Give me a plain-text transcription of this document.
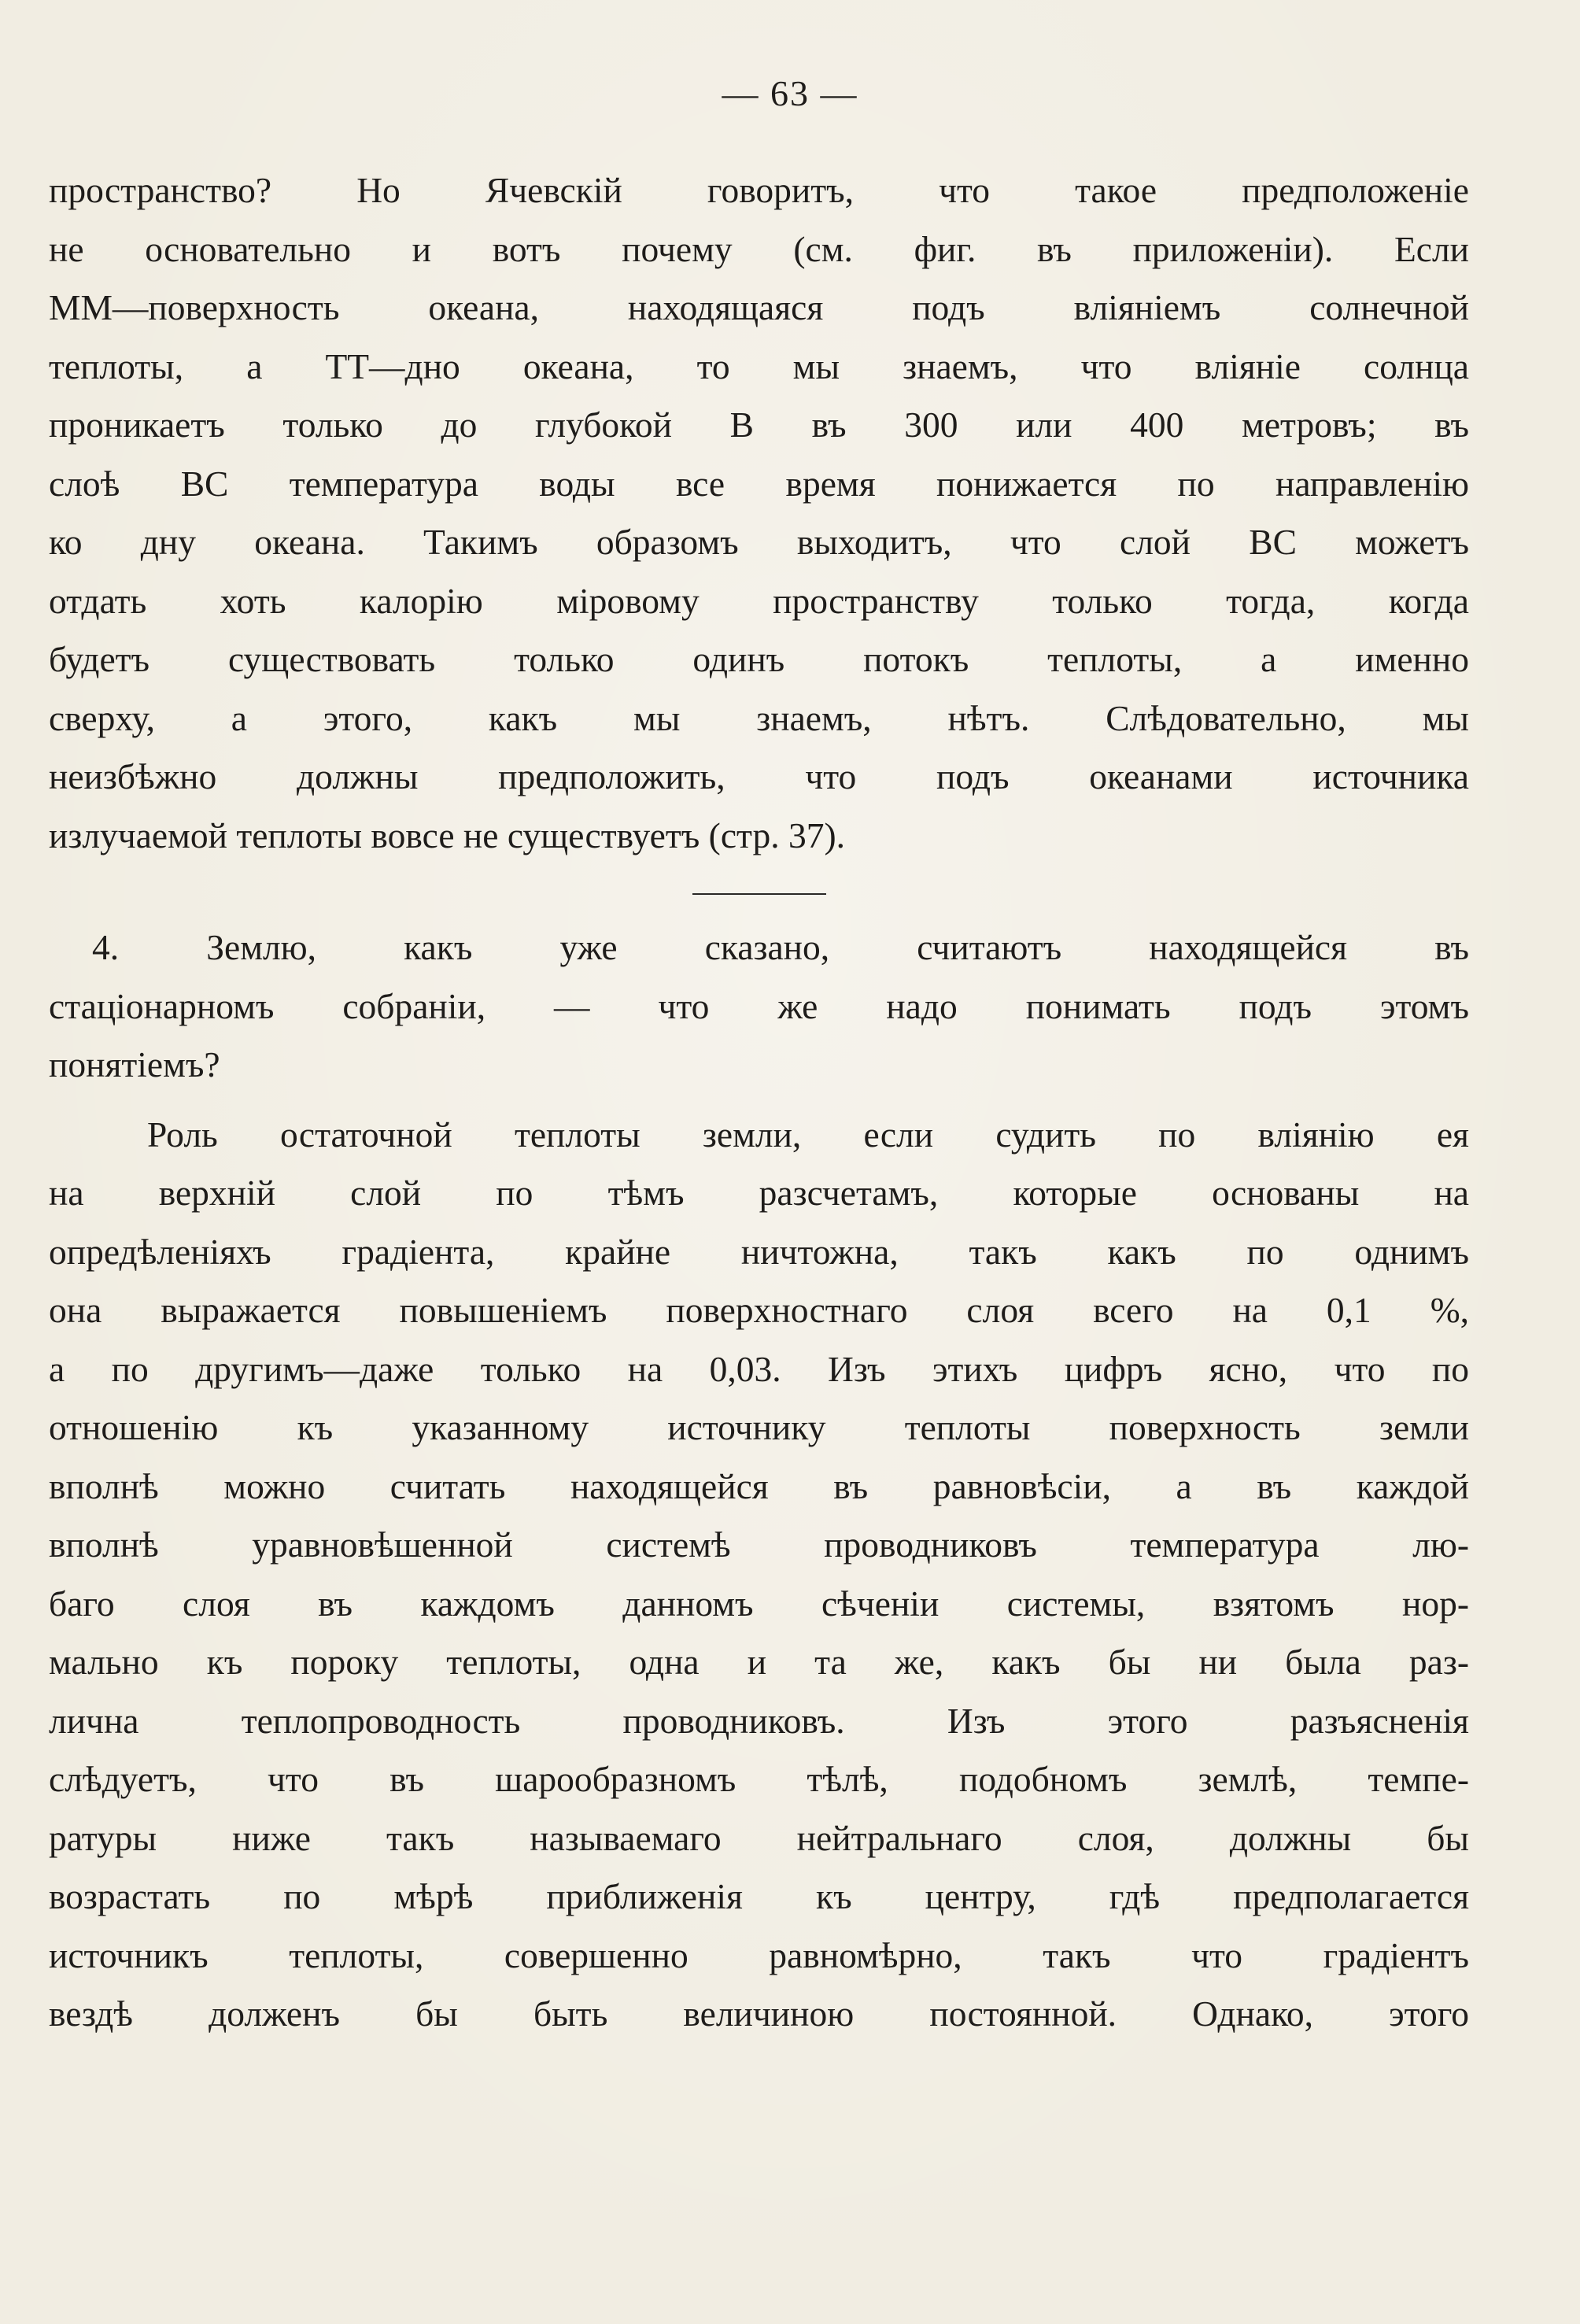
— 63 —
пространство? Но Ячевскій говоритъ, что такое предположеніе
не основательно и вотъ почему (см. фиг. въ приложеніи). Если
ММ—поверхность океана, находящаяся подъ вліяніемъ солнечной
теплоты, а ТТ—дно океана, то мы знаемъ, что вліяніе солнца
проникаетъ только до глубокой В въ 300 или 400 метровъ; въ
слоѣ ВС температура воды все время понижается по направленію
ко дну океана. Такимъ образомъ выходитъ, что слой ВС можетъ
отдать хоть калорію міровому пространству только тогда, когда
будетъ существовать только одинъ потокъ теплоты, а именно
сверху, а этого, какъ мы знаемъ, нѣтъ. Слѣдовательно, мы
неизбѣжно должны предположить, что подъ океанами источника
излучаемой теплоты вовсе не существуетъ (стр. 37).
4. Землю, какъ уже сказано, считаютъ находящейся въ
стаціонарномъ собраніи, — что же надо понимать подъ этомъ
понятіемъ?
Роль остаточной теплоты земли, если судить по вліянію ея
на верхній слой по тѣмъ разсчетамъ, которые основаны на
опредѣленіяхъ градіента, крайне ничтожна, такъ какъ по однимъ
она выражается повышеніемъ поверхностнаго слоя всего на 0,1 %,
а по другимъ—даже только на 0,03. Изъ этихъ цифръ ясно, что по
отношенію къ указанному источнику теплоты поверхность земли
вполнѣ можно считать находящейся въ равновѣсіи, а въ каждой
вполнѣ уравновѣшенной системѣ проводниковъ температура лю-
баго слоя въ каждомъ данномъ сѣченіи системы, взятомъ нор-
мально къ пороку теплоты, одна и та же, какъ бы ни была раз-
лична теплопроводность проводниковъ. Изъ этого разъясненія
слѣдуетъ, что въ шарообразномъ тѣлѣ, подобномъ землѣ, темпе-
ратуры ниже такъ называемаго нейтральнаго слоя, должны бы
возрастать по мѣрѣ приближенія къ центру, гдѣ предполагается
источникъ теплоты, совершенно равномѣрно, такъ что градіентъ
вездѣ долженъ бы быть величиною постоянной. Однако, этого
